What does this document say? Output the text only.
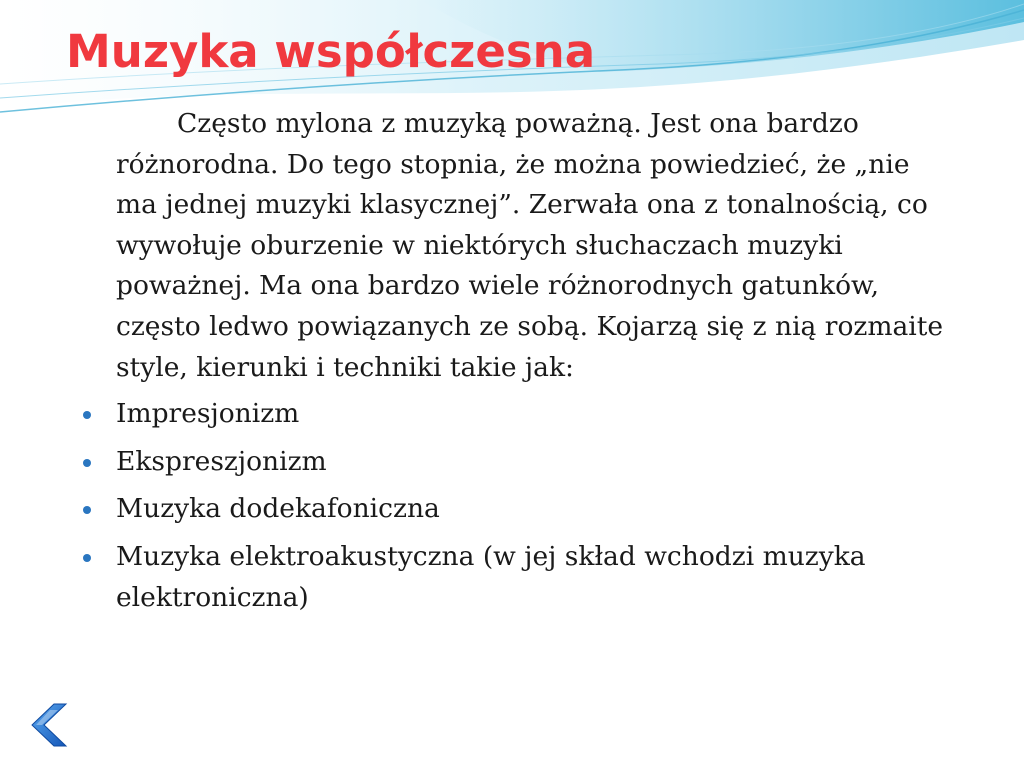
Muzyka współczesna

Często mylona z muzyką poważną. Jest ona bardzo różnorodna. Do tego stopnia, że można powiedzieć, że „nie ma jednej muzyki klasycznej”. Zerwała ona z tonalnością, co wywołuje oburzenie w niektórych słuchaczach muzyki poważnej. Ma ona bardzo wiele różnorodnych gatunków, często ledwo powiązanych ze sobą. Kojarzą się z nią rozmaite style, kierunki i techniki takie jak:

Impresjonizm
Ekspreszjonizm
Muzyka dodekafoniczna
Muzyka elektroakustyczna (w jej skład wchodzi muzyka elektroniczna)
